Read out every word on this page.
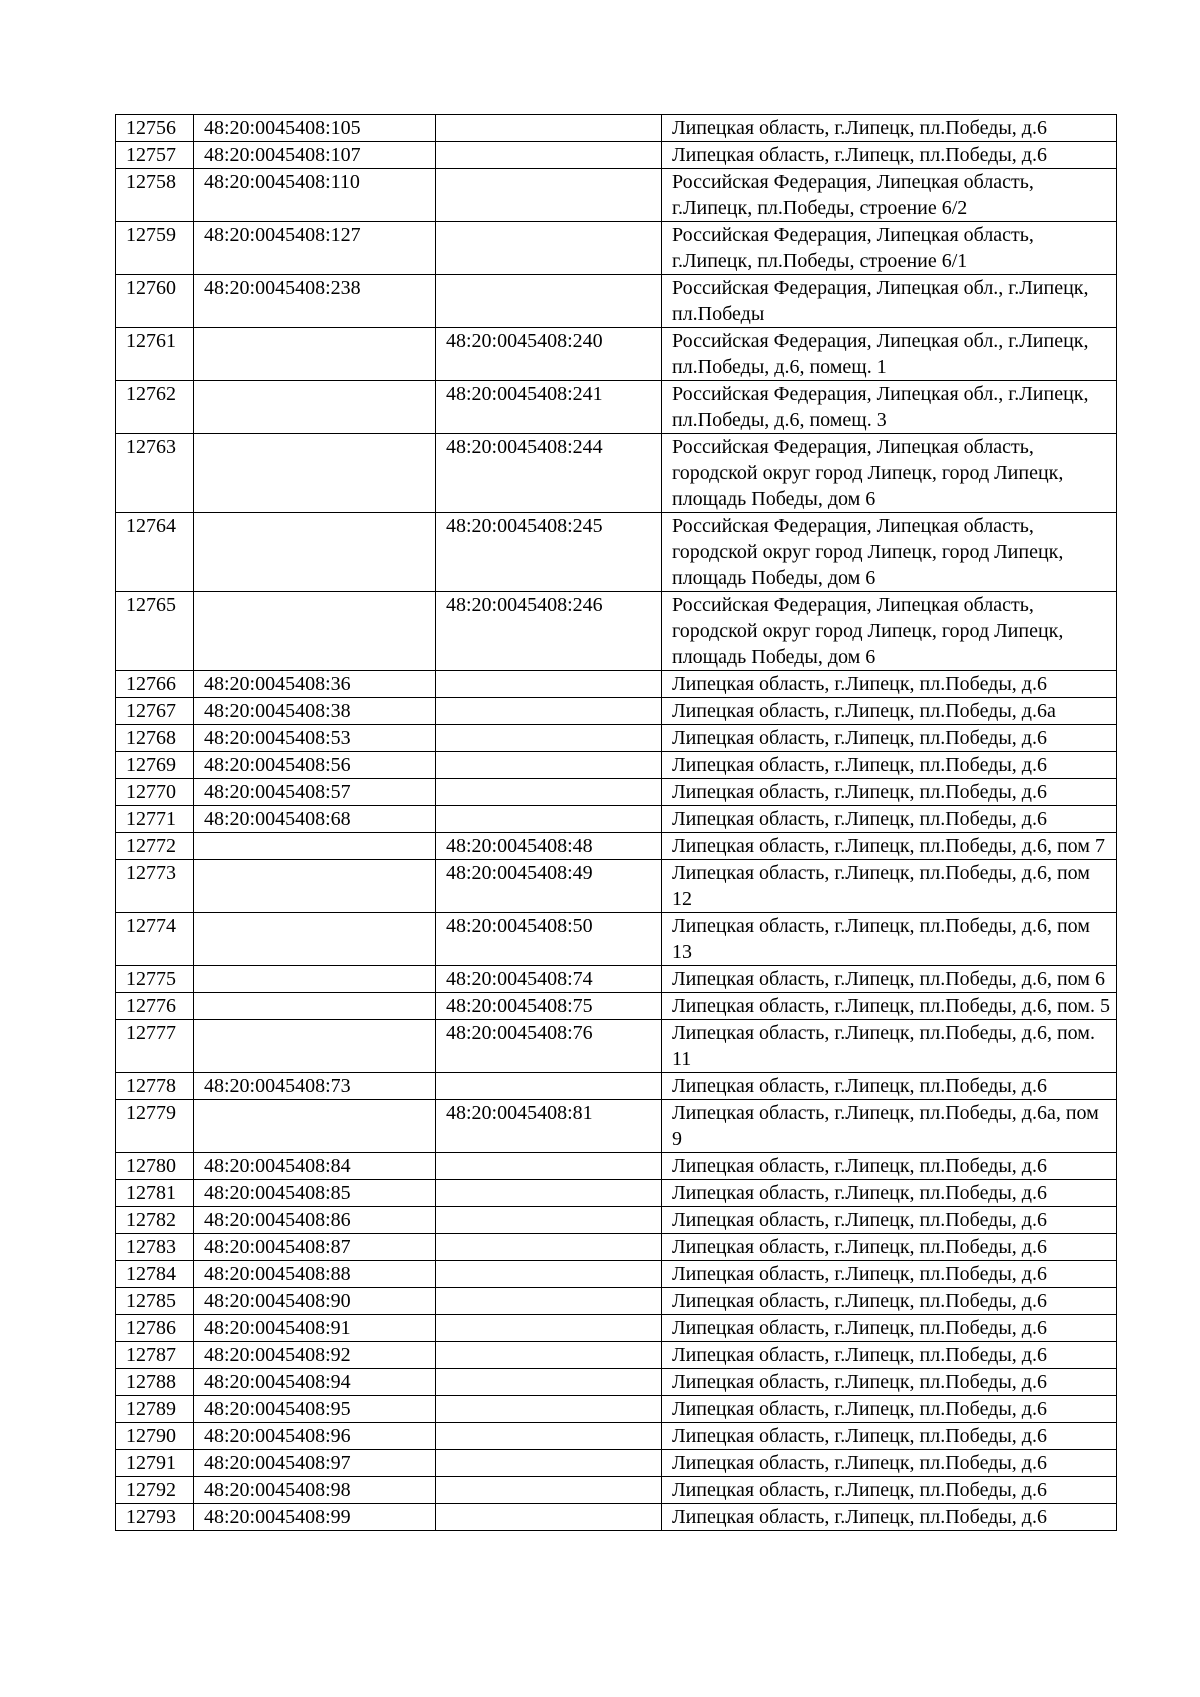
12756	48:20:0045408:105		Липецкая область, г.Липецк, пл.Победы, д.6
12757	48:20:0045408:107		Липецкая область, г.Липецк, пл.Победы, д.6
12758	48:20:0045408:110		Российская Федерация, Липецкая область, г.Липецк, пл.Победы, строение 6/2
12759	48:20:0045408:127		Российская Федерация, Липецкая область, г.Липецк, пл.Победы, строение 6/1
12760	48:20:0045408:238		Российская Федерация, Липецкая обл., г.Липецк, пл.Победы
12761		48:20:0045408:240	Российская Федерация, Липецкая обл., г.Липецк, пл.Победы, д.6, помещ. 1
12762		48:20:0045408:241	Российская Федерация, Липецкая обл., г.Липецк, пл.Победы, д.6, помещ. 3
12763		48:20:0045408:244	Российская Федерация, Липецкая область, городской округ город Липецк, город Липецк, площадь Победы, дом 6
12764		48:20:0045408:245	Российская Федерация, Липецкая область, городской округ город Липецк, город Липецк, площадь Победы, дом 6
12765		48:20:0045408:246	Российская Федерация, Липецкая область, городской округ город Липецк, город Липецк, площадь Победы, дом 6
12766	48:20:0045408:36		Липецкая область, г.Липецк, пл.Победы, д.6
12767	48:20:0045408:38		Липецкая область, г.Липецк, пл.Победы, д.6а
12768	48:20:0045408:53		Липецкая область, г.Липецк, пл.Победы, д.6
12769	48:20:0045408:56		Липецкая область, г.Липецк, пл.Победы, д.6
12770	48:20:0045408:57		Липецкая область, г.Липецк, пл.Победы, д.6
12771	48:20:0045408:68		Липецкая область, г.Липецк, пл.Победы, д.6
12772		48:20:0045408:48	Липецкая область, г.Липецк, пл.Победы, д.6, пом 7
12773		48:20:0045408:49	Липецкая область, г.Липецк, пл.Победы, д.6, пом 12
12774		48:20:0045408:50	Липецкая область, г.Липецк, пл.Победы, д.6, пом 13
12775		48:20:0045408:74	Липецкая область, г.Липецк, пл.Победы, д.6, пом 6
12776		48:20:0045408:75	Липецкая область, г.Липецк, пл.Победы, д.6, пом. 5
12777		48:20:0045408:76	Липецкая область, г.Липецк, пл.Победы, д.6, пом. 11
12778	48:20:0045408:73		Липецкая область, г.Липецк, пл.Победы, д.6
12779		48:20:0045408:81	Липецкая область, г.Липецк, пл.Победы, д.6а, пом 9
12780	48:20:0045408:84		Липецкая область, г.Липецк, пл.Победы, д.6
12781	48:20:0045408:85		Липецкая область, г.Липецк, пл.Победы, д.6
12782	48:20:0045408:86		Липецкая область, г.Липецк, пл.Победы, д.6
12783	48:20:0045408:87		Липецкая область, г.Липецк, пл.Победы, д.6
12784	48:20:0045408:88		Липецкая область, г.Липецк, пл.Победы, д.6
12785	48:20:0045408:90		Липецкая область, г.Липецк, пл.Победы, д.6
12786	48:20:0045408:91		Липецкая область, г.Липецк, пл.Победы, д.6
12787	48:20:0045408:92		Липецкая область, г.Липецк, пл.Победы, д.6
12788	48:20:0045408:94		Липецкая область, г.Липецк, пл.Победы, д.6
12789	48:20:0045408:95		Липецкая область, г.Липецк, пл.Победы, д.6
12790	48:20:0045408:96		Липецкая область, г.Липецк, пл.Победы, д.6
12791	48:20:0045408:97		Липецкая область, г.Липецк, пл.Победы, д.6
12792	48:20:0045408:98		Липецкая область, г.Липецк, пл.Победы, д.6
12793	48:20:0045408:99		Липецкая область, г.Липецк, пл.Победы, д.6
